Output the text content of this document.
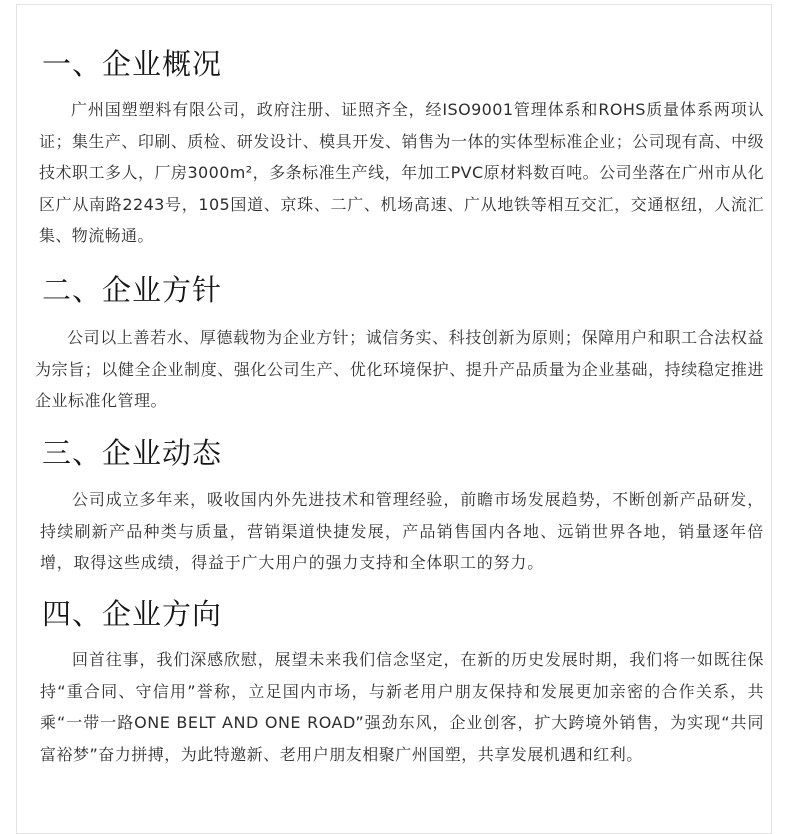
一、企业概况

广州国塑塑料有限公司，政府注册、证照齐全，经ISO9001管理体系和ROHS质量体系两项认证；集生产、印刷、质检、研发设计、模具开发、销售为一体的实体型标准企业；公司现有高、中级技术职工多人，厂房3000m²，多条标准生产线，年加工PVC原材料数百吨。公司坐落在广州市从化区广从南路2243号，105国道、京珠、二广、机场高速、广从地铁等相互交汇，交通枢纽，人流汇集、物流畅通。

二、企业方针

公司以上善若水、厚德载物为企业方针；诚信务实、科技创新为原则；保障用户和职工合法权益为宗旨；以健全企业制度、强化公司生产、优化环境保护、提升产品质量为企业基础，持续稳定推进企业标准化管理。

三、企业动态

公司成立多年来，吸收国内外先进技术和管理经验，前瞻市场发展趋势，不断创新产品研发，持续刷新产品种类与质量，营销渠道快捷发展，产品销售国内各地、远销世界各地，销量逐年倍增，取得这些成绩，得益于广大用户的强力支持和全体职工的努力。

四、企业方向

回首往事，我们深感欣慰，展望未来我们信念坚定，在新的历史发展时期，我们将一如既往保持“重合同、守信用”誉称，立足国内市场，与新老用户朋友保持和发展更加亲密的合作关系，共乘“一带一路ONE BELT AND ONE ROAD”强劲东风，企业创客，扩大跨境外销售，为实现“共同富裕梦”奋力拼搏，为此特邀新、老用户朋友相聚广州国塑，共享发展机遇和红利。
